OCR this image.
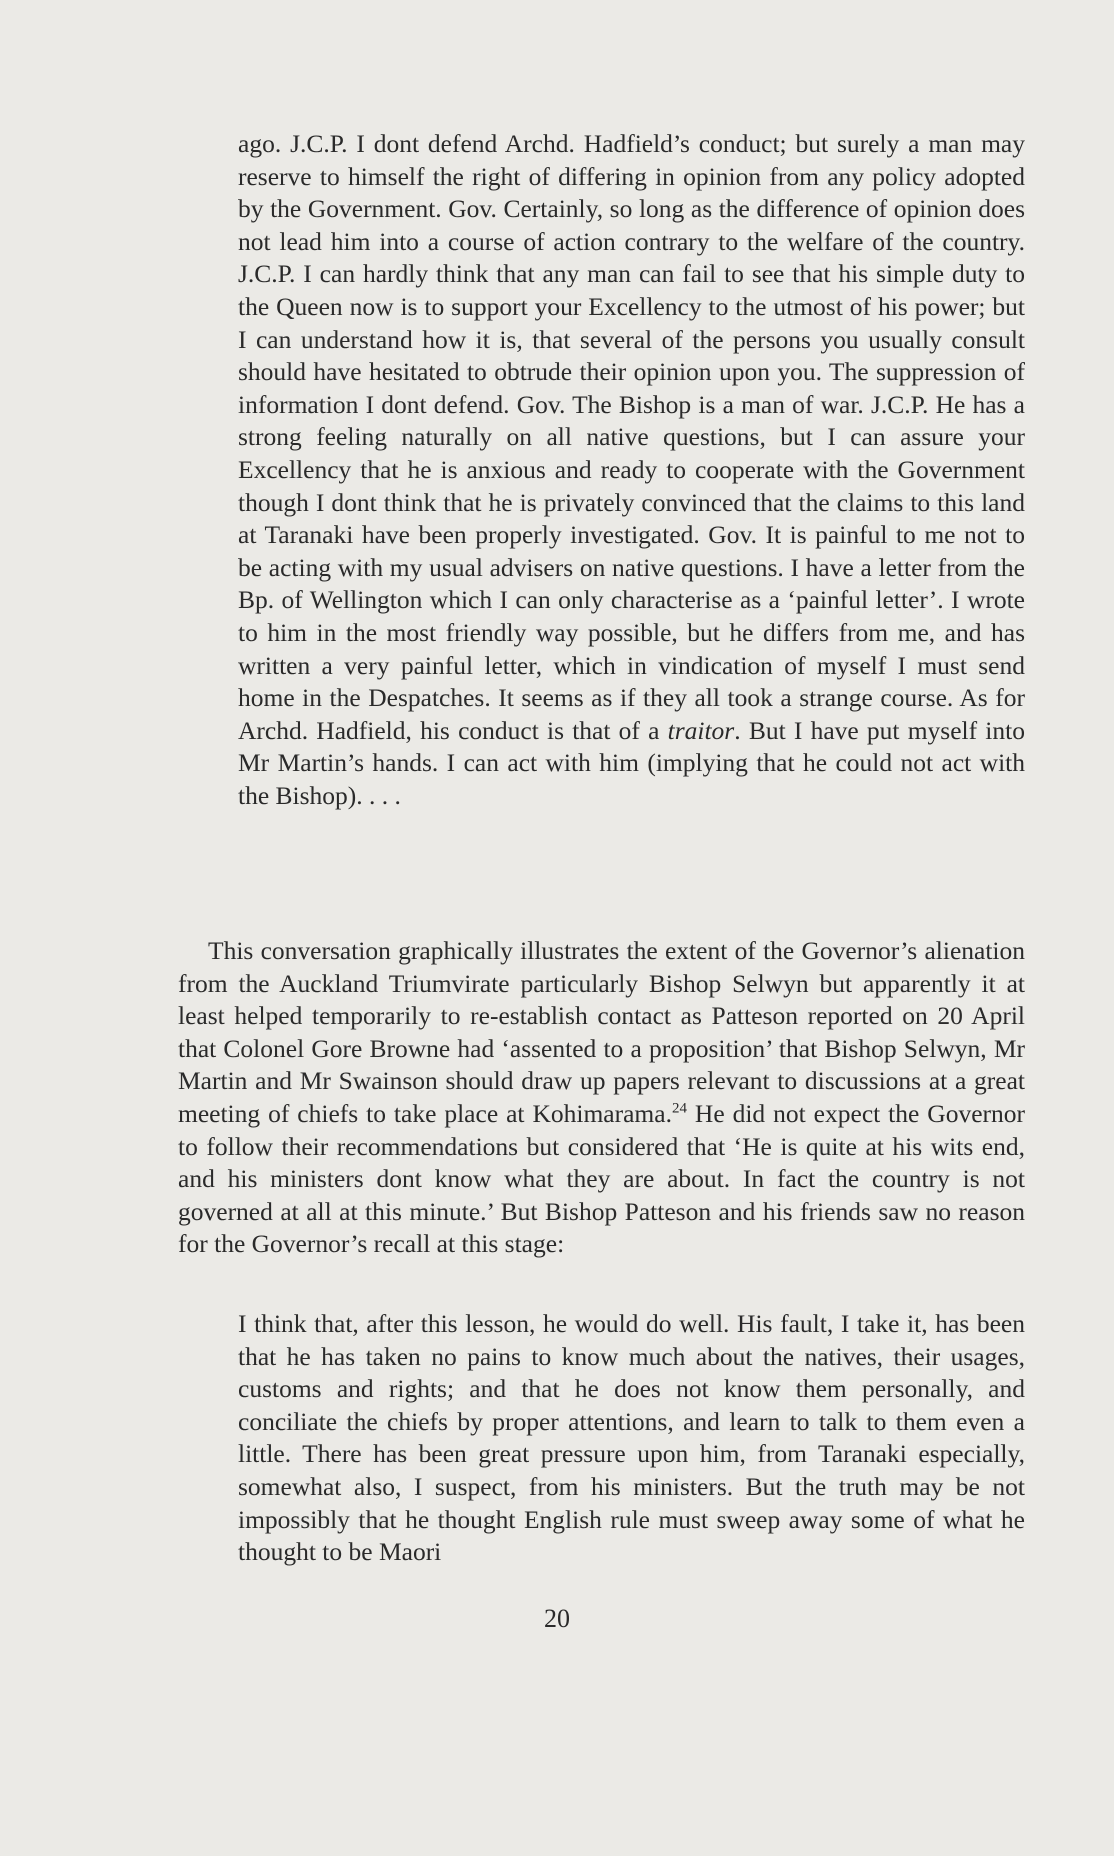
ago. J.C.P. I dont defend Archd. Hadfield’s conduct; but surely a man may reserve to himself the right of differing in opinion from any policy adopted by the Government. Gov. Certainly, so long as the difference of opinion does not lead him into a course of action contrary to the welfare of the country. J.C.P. I can hardly think that any man can fail to see that his simple duty to the Queen now is to support your Excellency to the utmost of his power; but I can understand how it is, that several of the persons you usually consult should have hesitated to obtrude their opinion upon you. The suppression of information I dont defend. Gov. The Bishop is a man of war. J.C.P. He has a strong feeling naturally on all native questions, but I can assure your Excellency that he is anxious and ready to cooperate with the Government though I dont think that he is privately convinced that the claims to this land at Taranaki have been properly investigated. Gov. It is painful to me not to be acting with my usual advisers on native questions. I have a letter from the Bp. of Wellington which I can only characterise as a ‘painful letter’. I wrote to him in the most friendly way possible, but he differs from me, and has written a very painful letter, which in vindication of myself I must send home in the Despatches. It seems as if they all took a strange course. As for Archd. Hadfield, his conduct is that of a traitor. But I have put myself into Mr Martin’s hands. I can act with him (implying that he could not act with the Bishop). . . .
This conversation graphically illustrates the extent of the Governor’s alienation from the Auckland Triumvirate particularly Bishop Selwyn but apparently it at least helped temporarily to re-establish contact as Patteson reported on 20 April that Colonel Gore Browne had ‘assented to a proposition’ that Bishop Selwyn, Mr Martin and Mr Swainson should draw up papers relevant to discussions at a great meeting of chiefs to take place at Kohimarama.$^{24}$ He did not expect the Governor to follow their recommendations but considered that ‘He is quite at his wits end, and his ministers dont know what they are about. In fact the country is not governed at all at this minute.’ But Bishop Patteson and his friends saw no reason for the Governor’s recall at this stage:
I think that, after this lesson, he would do well. His fault, I take it, has been that he has taken no pains to know much about the natives, their usages, customs and rights; and that he does not know them personally, and conciliate the chiefs by proper attentions, and learn to talk to them even a little. There has been great pressure upon him, from Taranaki especially, somewhat also, I suspect, from his ministers. But the truth may be not impossibly that he thought English rule must sweep away some of what he thought to be Maori
20
